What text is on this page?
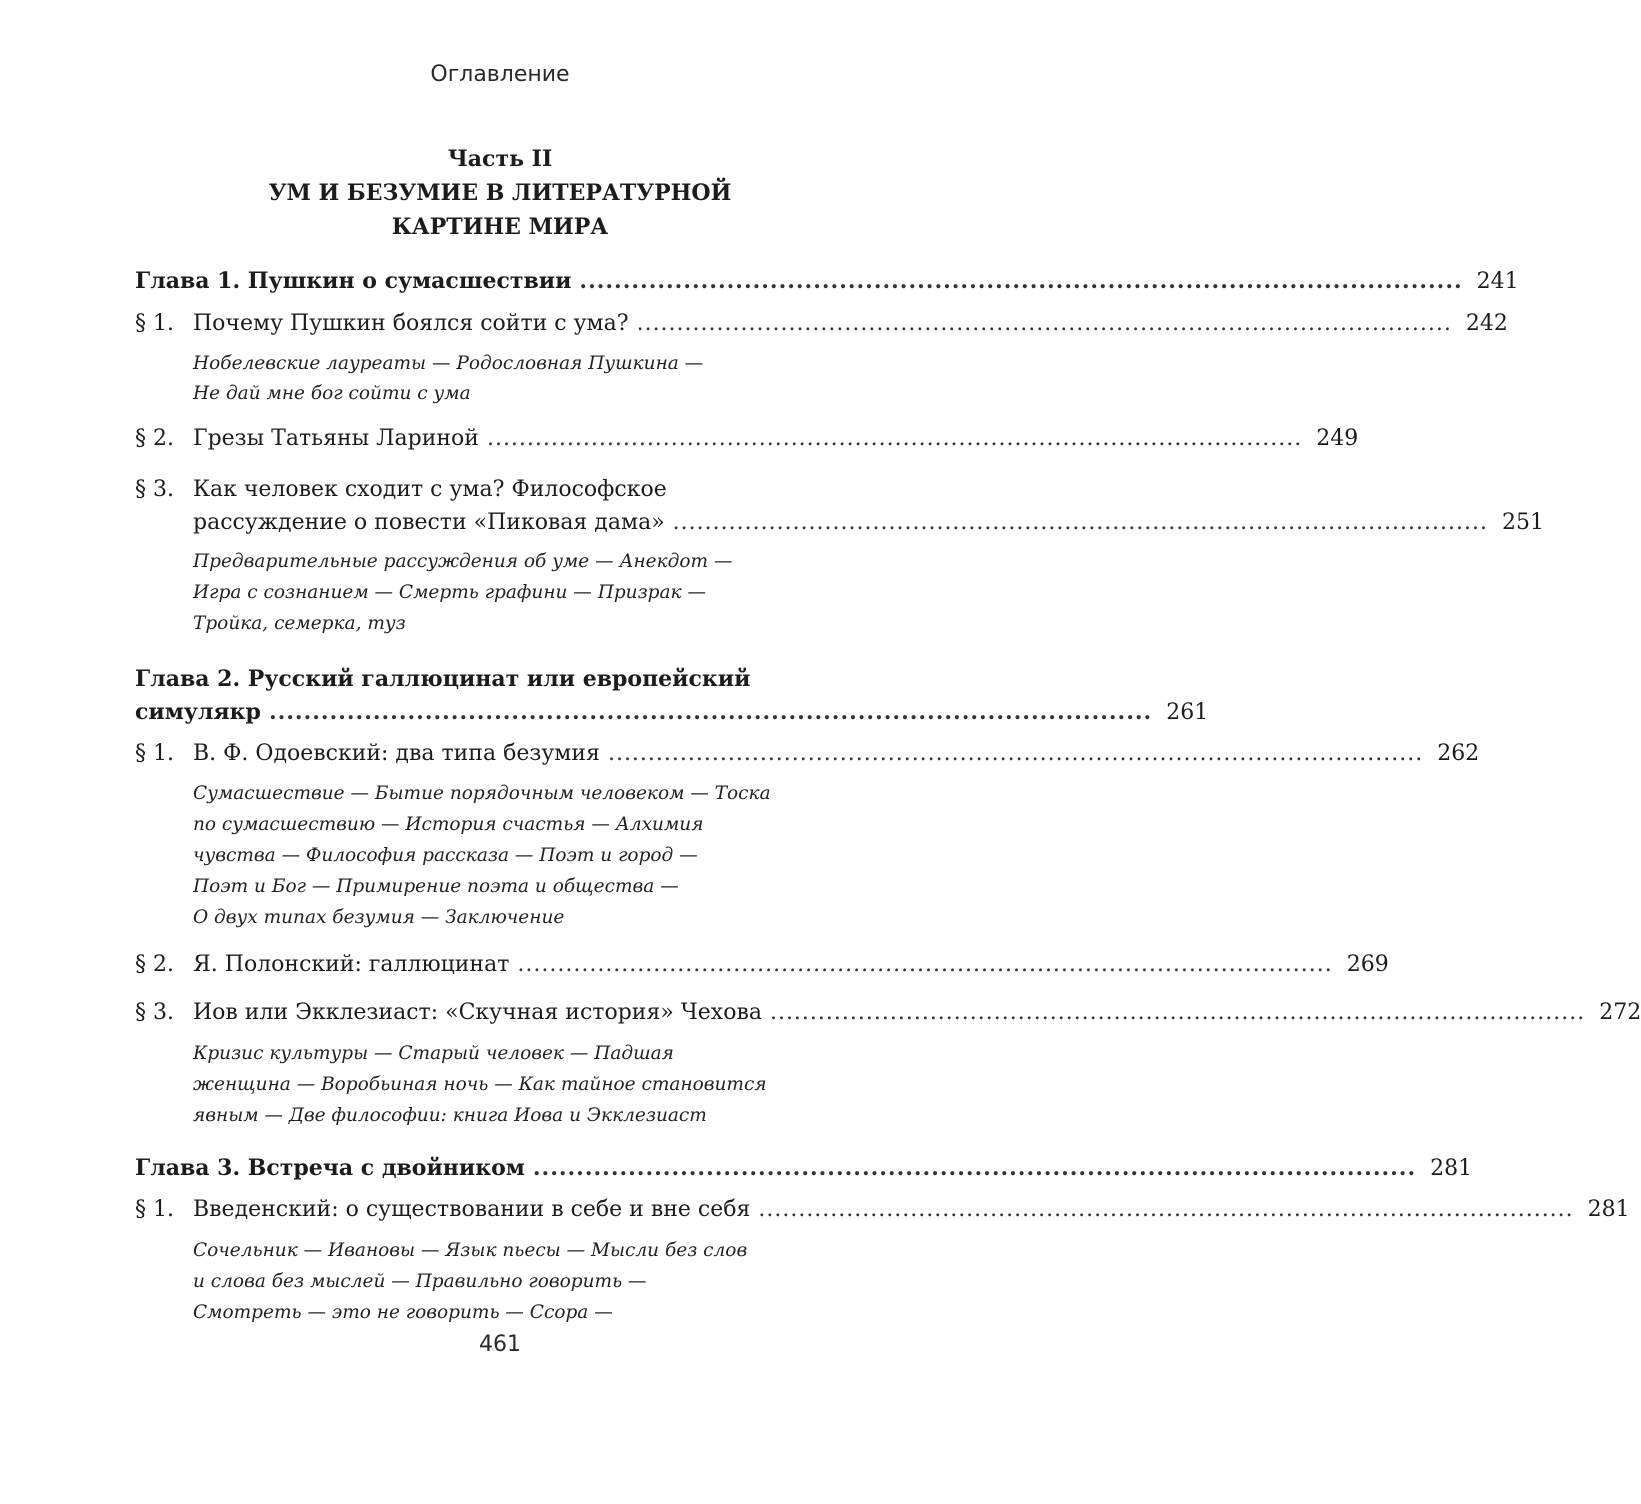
Оглавление
Часть II
УМ И БЕЗУМИЕ В ЛИТЕРАТУРНОЙ
КАРТИНЕ МИРА
Глава 1. Пушкин о сумасшествии ...................................................................................................... 241
§ 1. Почему Пушкин боялся сойти с ума? ...................................................................................................... 242
Нобелевские лауреаты — Родословная Пушкина —
Не дай мне бог сойти с ума
§ 2. Грезы Татьяны Лариной ...................................................................................................... 249
§ 3. Как человек сходит с ума? Философское
рассуждение о повести «Пиковая дама» ...................................................................................................... 251
Предварительные рассуждения об уме — Анекдот —
Игра с сознанием — Смерть графини — Призрак —
Тройка, семерка, туз
Глава 2. Русский галлюцинат или европейский
симулякр ...................................................................................................... 261
§ 1. В. Ф. Одоевский: два типа безумия ...................................................................................................... 262
Сумасшествие — Бытие порядочным человеком — Тоска
по сумасшествию — История счастья — Алхимия
чувства — Философия рассказа — Поэт и город —
Поэт и Бог — Примирение поэта и общества —
О двух типах безумия — Заключение
§ 2. Я. Полонский: галлюцинат ...................................................................................................... 269
§ 3. Иов или Экклезиаст: «Скучная история» Чехова ...................................................................................................... 272
Кризис культуры — Старый человек — Падшая
женщина — Воробьиная ночь — Как тайное становится
явным — Две философии: книга Иова и Экклезиаст
Глава 3. Встреча с двойником ...................................................................................................... 281
§ 1. Введенский: о существовании в себе и вне себя ...................................................................................................... 281
Сочельник — Ивановы — Язык пьесы — Мысли без слов
и слова без мыслей — Правильно говорить —
Смотреть — это не говорить — Ссора —
461
